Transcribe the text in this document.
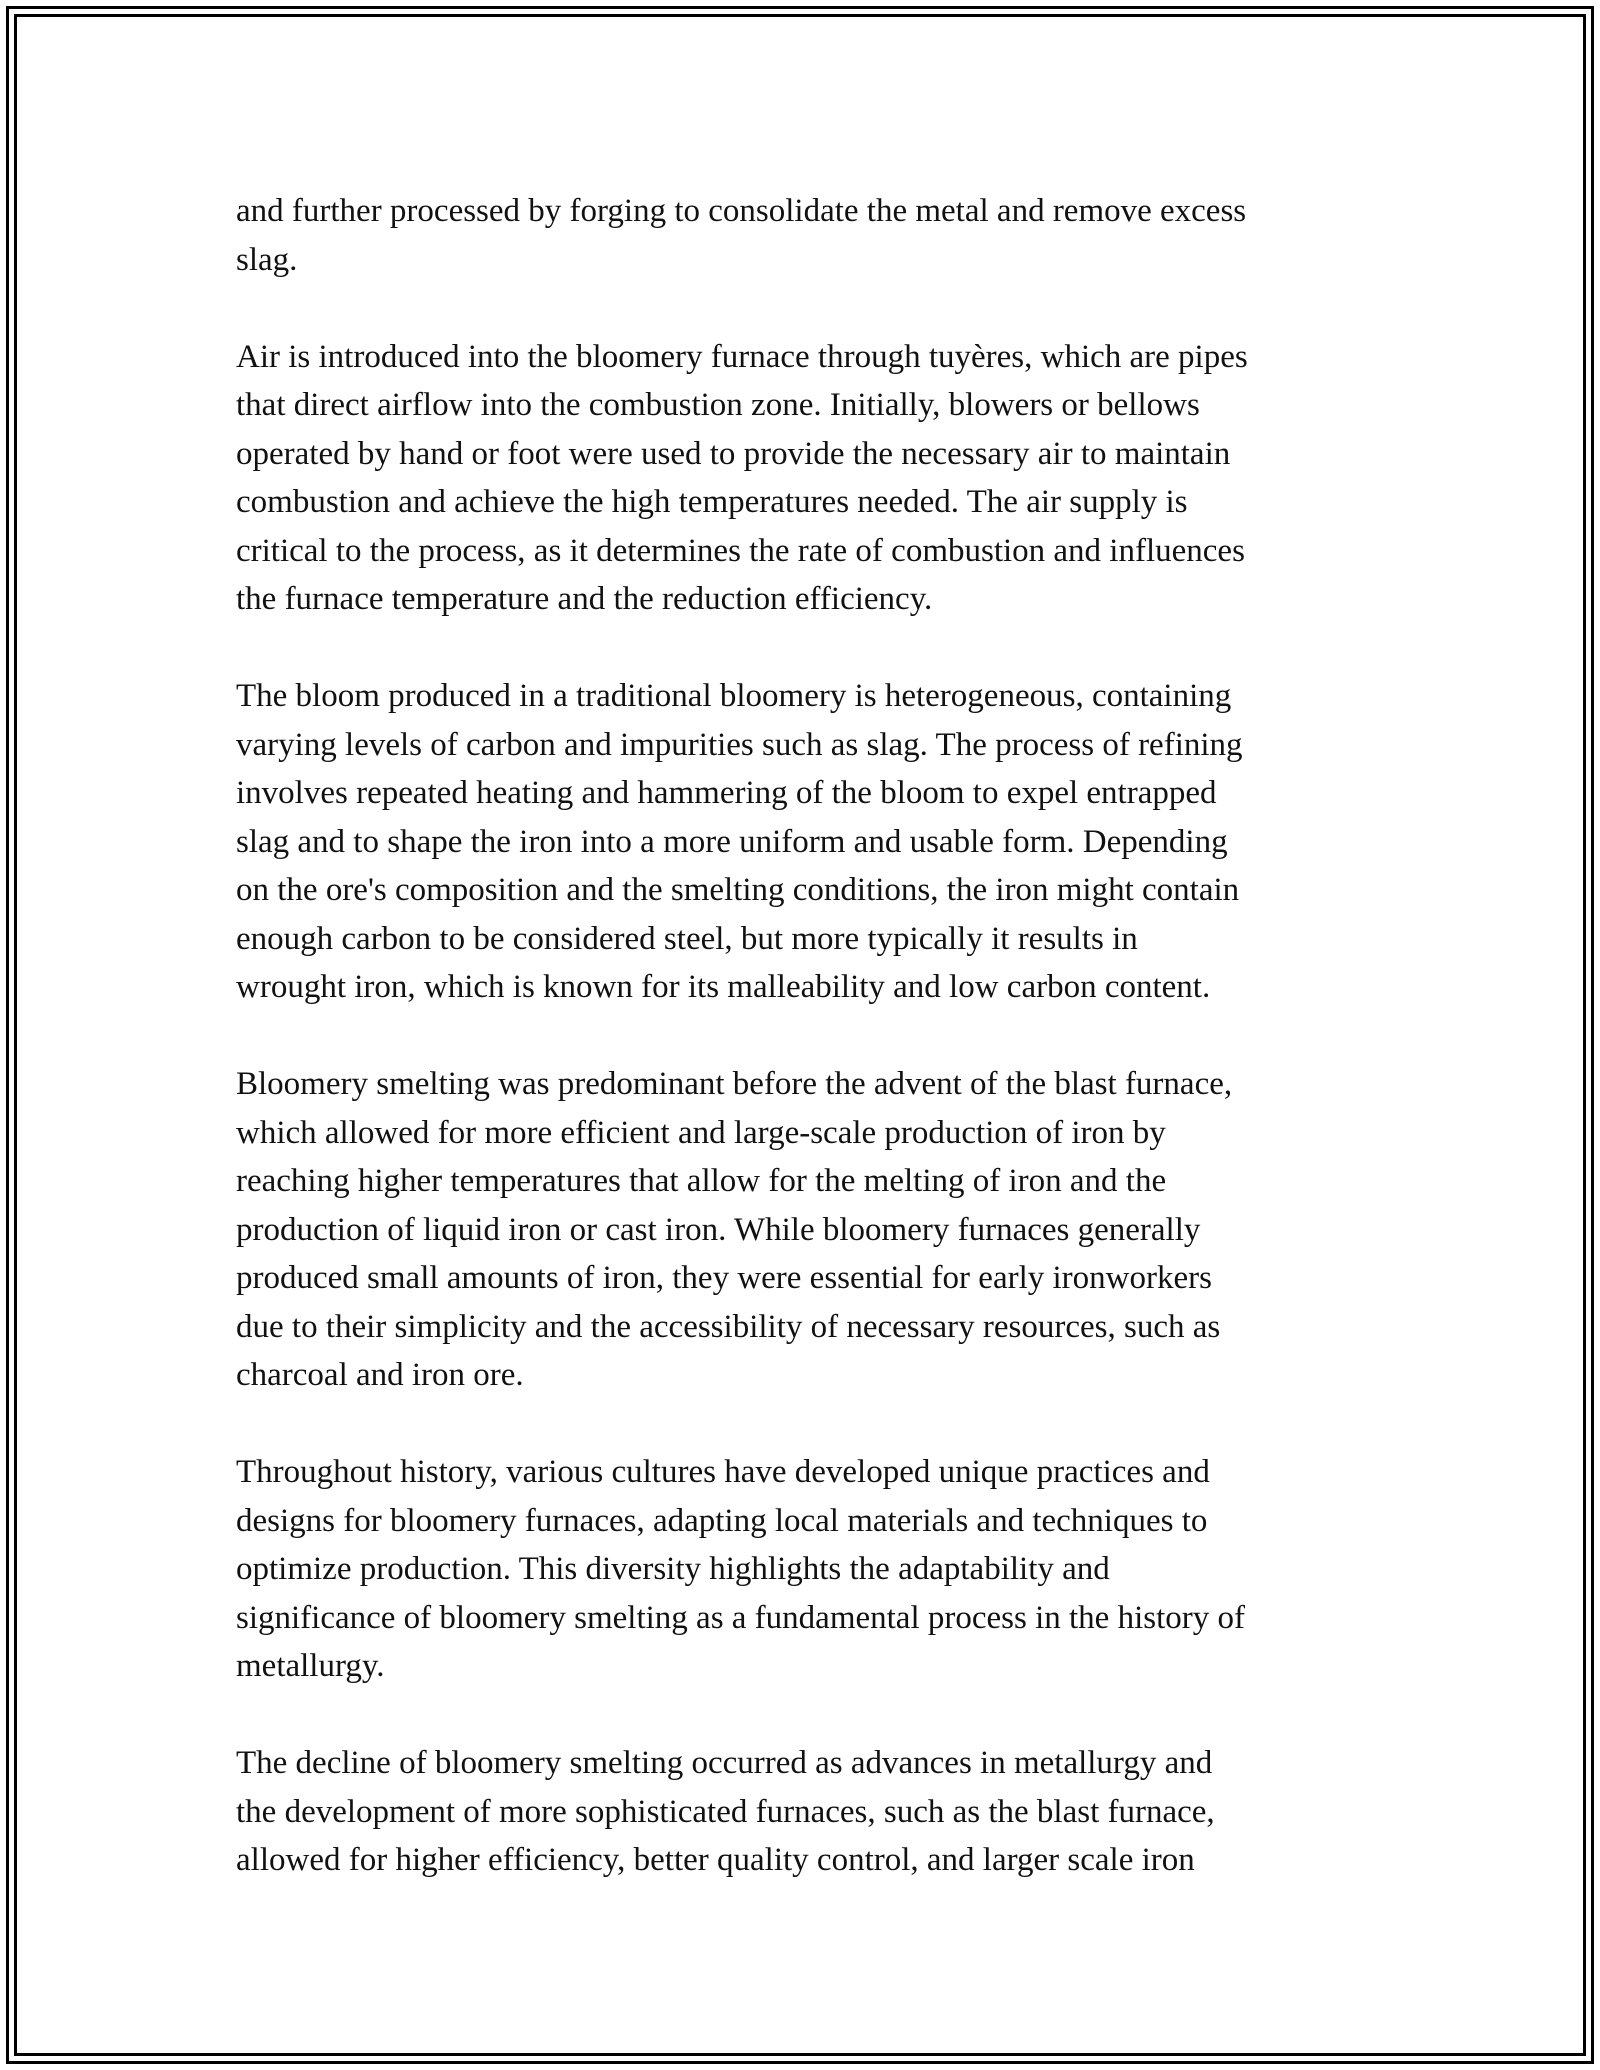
and further processed by forging to consolidate the metal and remove excess
slag.

Air is introduced into the bloomery furnace through tuyères, which are pipes
that direct airflow into the combustion zone. Initially, blowers or bellows
operated by hand or foot were used to provide the necessary air to maintain
combustion and achieve the high temperatures needed. The air supply is
critical to the process, as it determines the rate of combustion and influences
the furnace temperature and the reduction efficiency.

The bloom produced in a traditional bloomery is heterogeneous, containing
varying levels of carbon and impurities such as slag. The process of refining
involves repeated heating and hammering of the bloom to expel entrapped
slag and to shape the iron into a more uniform and usable form. Depending
on the ore's composition and the smelting conditions, the iron might contain
enough carbon to be considered steel, but more typically it results in
wrought iron, which is known for its malleability and low carbon content.

Bloomery smelting was predominant before the advent of the blast furnace,
which allowed for more efficient and large-scale production of iron by
reaching higher temperatures that allow for the melting of iron and the
production of liquid iron or cast iron. While bloomery furnaces generally
produced small amounts of iron, they were essential for early ironworkers
due to their simplicity and the accessibility of necessary resources, such as
charcoal and iron ore.

Throughout history, various cultures have developed unique practices and
designs for bloomery furnaces, adapting local materials and techniques to
optimize production. This diversity highlights the adaptability and
significance of bloomery smelting as a fundamental process in the history of
metallurgy.

The decline of bloomery smelting occurred as advances in metallurgy and
the development of more sophisticated furnaces, such as the blast furnace,
allowed for higher efficiency, better quality control, and larger scale iron
